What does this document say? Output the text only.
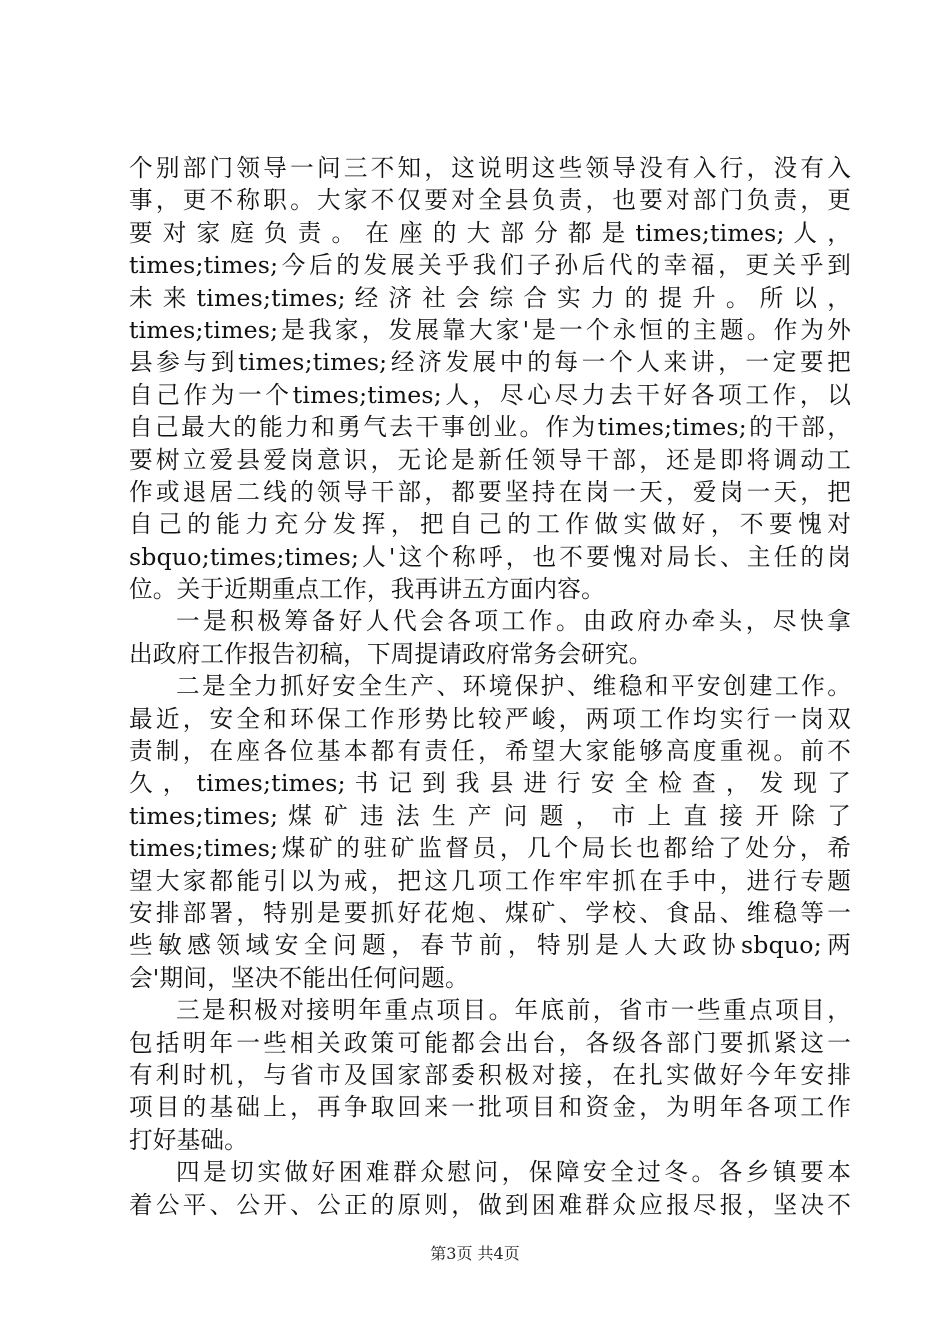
个别部门领导一问三不知，这说明这些领导没有入行，没有入
事，更不称职。大家不仅要对全县负责，也要对部门负责，更
要 对 家 庭 负 责 。 在 座 的 大 部 分 都 是 times;times; 人 ，
times;times;今后的发展关乎我们子孙后代的幸福，更关乎到
未 来 times;times; 经 济 社 会 综 合 实 力 的 提 升 。 所 以 ，
times;times;是我家，发展靠大家'是一个永恒的主题。作为外
县参与到times;times;经济发展中的每一个人来讲，一定要把
自己作为一个times;times;人，尽心尽力去干好各项工作，以
自己最大的能力和勇气去干事创业。作为times;times;的干部，
要树立爱县爱岗意识，无论是新任领导干部，还是即将调动工
作或退居二线的领导干部，都要坚持在岗一天，爱岗一天，把
自己的能力充分发挥，把自己的工作做实做好，不要愧对
sbquo;times;times;人'这个称呼，也不要愧对局长、主任的岗
位。关于近期重点工作，我再讲五方面内容。
一是积极筹备好人代会各项工作。由政府办牵头，尽快拿
出政府工作报告初稿，下周提请政府常务会研究。
二是全力抓好安全生产、环境保护、维稳和平安创建工作。
最近，安全和环保工作形势比较严峻，两项工作均实行一岗双
责制，在座各位基本都有责任，希望大家能够高度重视。前不
久 ， times;times; 书 记 到 我 县 进 行 安 全 检 查 ， 发 现 了
times;times; 煤 矿 违 法 生 产 问 题 ， 市 上 直 接 开 除 了
times;times;煤矿的驻矿监督员，几个局长也都给了处分，希
望大家都能引以为戒，把这几项工作牢牢抓在手中，进行专题
安排部署，特别是要抓好花炮、煤矿、学校、食品、维稳等一
些敏感领域安全问题，春节前，特别是人大政协sbquo;两
会'期间，坚决不能出任何问题。
三是积极对接明年重点项目。年底前，省市一些重点项目，
包括明年一些相关政策可能都会出台，各级各部门要抓紧这一
有利时机，与省市及国家部委积极对接，在扎实做好今年安排
项目的基础上，再争取回来一批项目和资金，为明年各项工作
打好基础。
四是切实做好困难群众慰问，保障安全过冬。各乡镇要本
着公平、公开、公正的原则，做到困难群众应报尽报，坚决不
第3页 共4页
